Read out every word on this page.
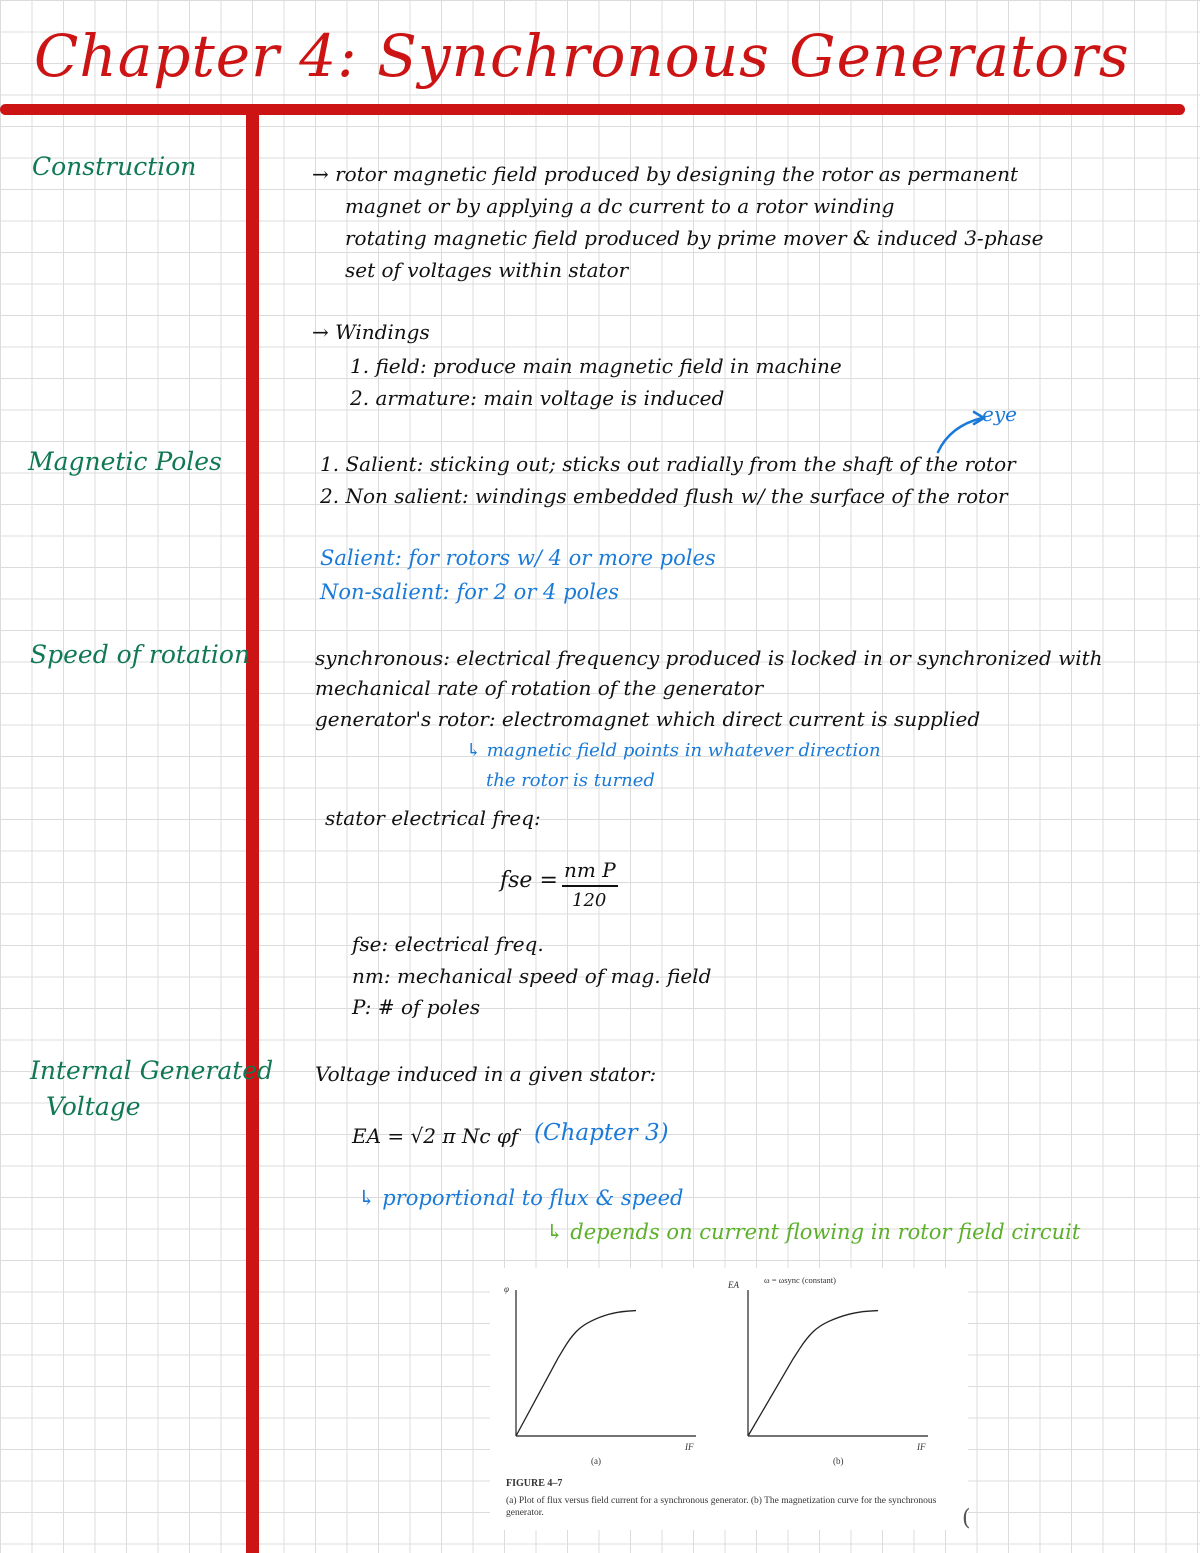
Chapter 4: Synchronous Generators
Construction
Magnetic Poles
Speed of rotation
Internal Generated
Voltage
→ rotor magnetic field produced by designing the rotor as permanent
magnet or by applying a dc current to a rotor winding
rotating magnetic field produced by prime mover & induced 3-phase
set of voltages within stator
→ Windings
1. field: produce main magnetic field in machine
2. armature: main voltage is induced
eye
1. Salient: sticking out; sticks out radially from the shaft of the rotor
2. Non salient: windings embedded flush w/ the surface of the rotor
Salient: for rotors w/ 4 or more poles
Non-salient: for 2 or 4 poles
synchronous: electrical frequency produced is locked in or synchronized with
mechanical rate of rotation of the generator
generator's rotor: electromagnet which direct current is supplied
↳ magnetic field points in whatever direction
the rotor is turned
stator electrical freq:
fse = nm P
120
fse: electrical freq.
nm: mechanical speed of mag. field
P: # of poles
Voltage induced in a given stator:
EA = √2 π Nc φf (Chapter 3)
↳ proportional to flux & speed
↳ depends on current flowing in rotor field circuit
φ
IF
(a)
EA	ω = ωsync (constant)
IF
(b)
FIGURE 4–7
(a) Plot of flux versus field current for a synchronous generator. (b) The magnetization curve for the synchronous generator.	(
